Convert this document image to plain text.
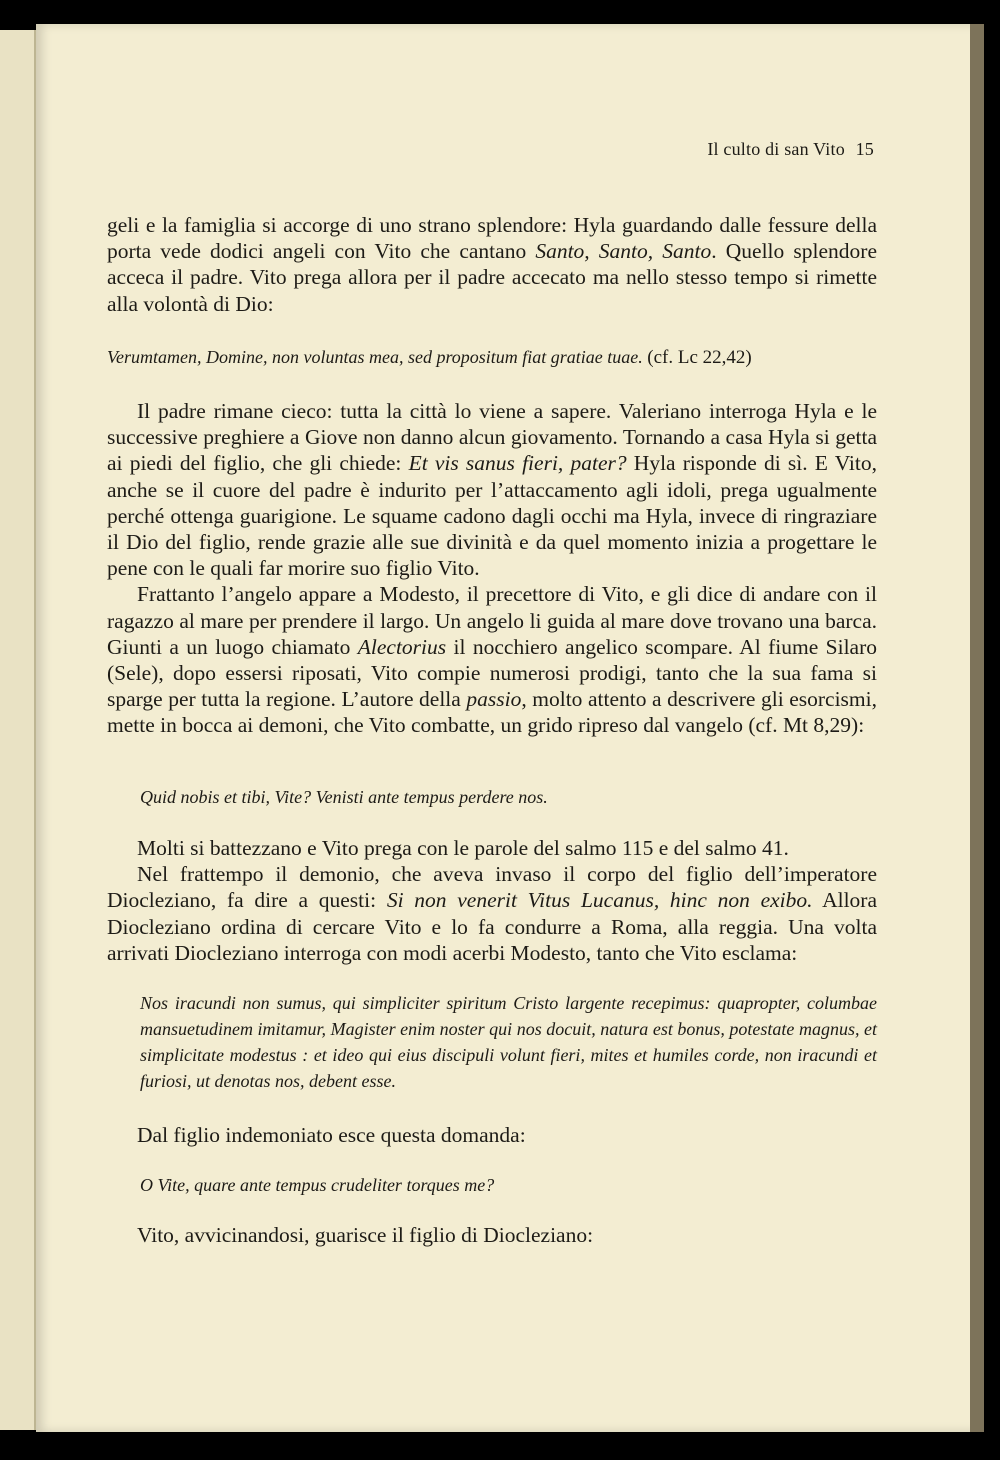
Il culto di san Vito 15

geli e la famiglia si accorge di uno strano splendore: Hyla guardando dalle fessure della porta vede dodici angeli con Vito che cantano Santo, Santo, Santo. Quello splendore acceca il padre. Vito prega allora per il padre accecato ma nello stesso tempo si rimette alla volontà di Dio:

Verumtamen, Domine, non voluntas mea, sed propositum fiat gratiae tuae. (cf. Lc 22,42)

Il padre rimane cieco: tutta la città lo viene a sapere. Valeriano interroga Hyla e le successive preghiere a Giove non danno alcun giovamento. Tornando a casa Hyla si getta ai piedi del figlio, che gli chiede: Et vis sanus fieri, pater? Hyla risponde di sì. E Vito, anche se il cuore del padre è indurito per l’attaccamento agli idoli, prega ugualmente perché ottenga guarigione. Le squame cadono dagli occhi ma Hyla, invece di ringraziare il Dio del figlio, rende grazie alle sue divinità e da quel momento inizia a progettare le pene con le quali far morire suo figlio Vito.

Frattanto l’angelo appare a Modesto, il precettore di Vito, e gli dice di andare con il ragazzo al mare per prendere il largo. Un angelo li guida al mare dove trovano una barca. Giunti a un luogo chiamato Alectorius il nocchiero angelico scompare. Al fiume Silaro (Sele), dopo essersi riposati, Vito compie numerosi prodigi, tanto che la sua fama si sparge per tutta la regione. L’autore della passio, molto attento a descrivere gli esorcismi, mette in bocca ai demoni, che Vito combatte, un grido ripreso dal vangelo (cf. Mt 8,29):

Quid nobis et tibi, Vite? Venisti ante tempus perdere nos.

Molti si battezzano e Vito prega con le parole del salmo 115 e del salmo 41.

Nel frattempo il demonio, che aveva invaso il corpo del figlio dell’imperatore Diocleziano, fa dire a questi: Si non venerit Vitus Lucanus, hinc non exibo. Allora Diocleziano ordina di cercare Vito e lo fa condurre a Roma, alla reggia. Una volta arrivati Diocleziano interroga con modi acerbi Modesto, tanto che Vito esclama:

Nos iracundi non sumus, qui simpliciter spiritum Cristo largente recepimus: quapropter, columbae mansuetudinem imitamur, Magister enim noster qui nos docuit, natura est bonus, potestate magnus, et simplicitate modestus : et ideo qui eius discipuli volunt fieri, mites et humiles corde, non iracundi et furiosi, ut denotas nos, debent esse.

Dal figlio indemoniato esce questa domanda:

O Vite, quare ante tempus crudeliter torques me?

Vito, avvicinandosi, guarisce il figlio di Diocleziano:
